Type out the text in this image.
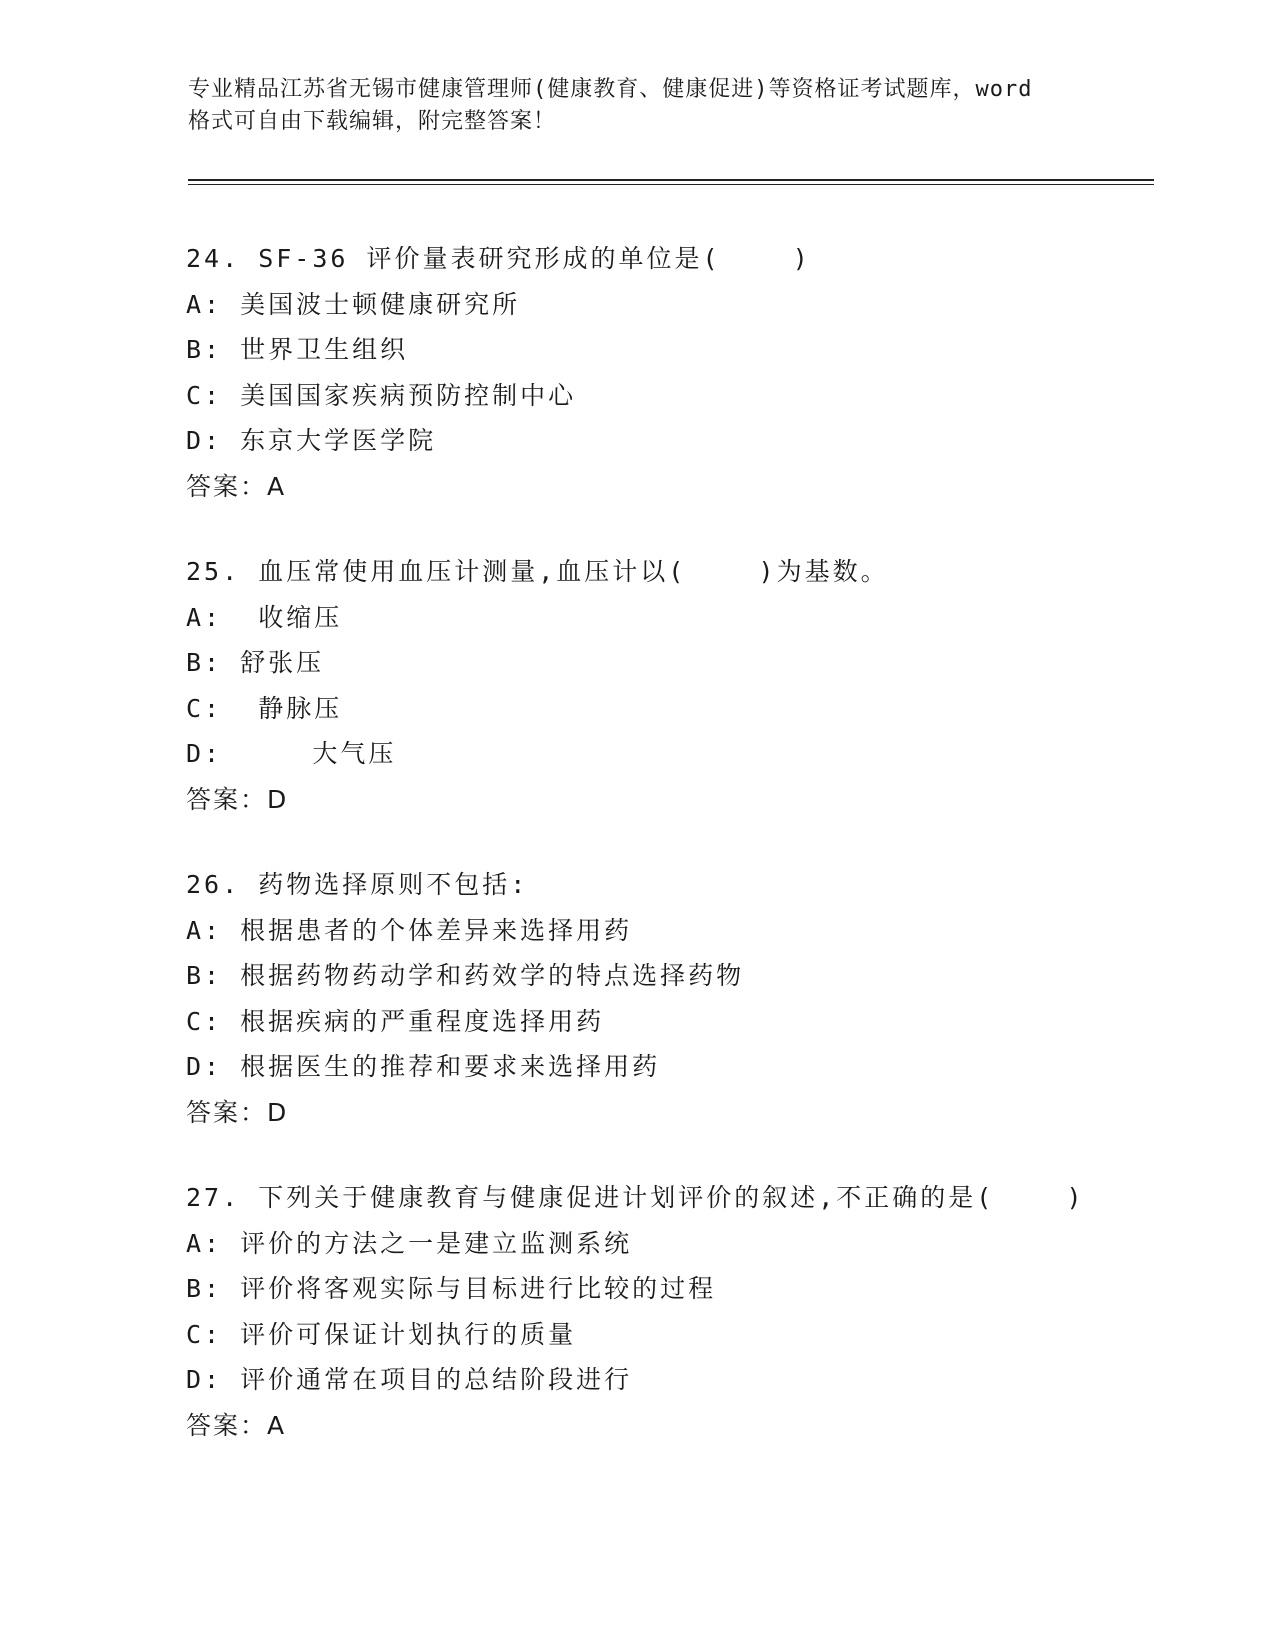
专业精品江苏省无锡市健康管理师(健康教育、健康促进)等资格证考试题库，word
格式可自由下载编辑，附完整答案！
24. SF-36 评价量表研究形成的单位是(    )
A: 美国波士顿健康研究所
B: 世界卫生组织
C: 美国国家疾病预防控制中心
D: 东京大学医学院
答案：A
25. 血压常使用血压计测量,血压计以(    )为基数。
A:  收缩压
B: 舒张压
C:  静脉压
D:     大气压
答案：D
26. 药物选择原则不包括:
A: 根据患者的个体差异来选择用药
B: 根据药物药动学和药效学的特点选择药物
C: 根据疾病的严重程度选择用药
D: 根据医生的推荐和要求来选择用药
答案：D
27. 下列关于健康教育与健康促进计划评价的叙述,不正确的是(    )
A: 评价的方法之一是建立监测系统
B: 评价将客观实际与目标进行比较的过程
C: 评价可保证计划执行的质量
D: 评价通常在项目的总结阶段进行
答案：A
